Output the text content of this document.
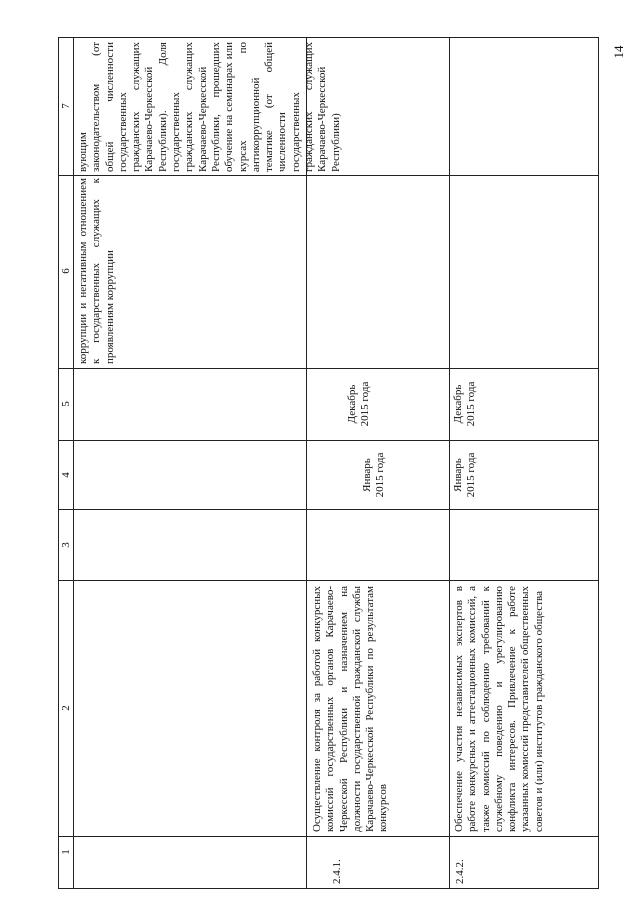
14
1
2
3
4
5
6
7
коррупции и негативным отношением к государственных служащих к проявлениям коррупции
вующим законодательством (от общей численности государственных гражданских служащих Карачаево-Черкесской Республики). Доля государственных гражданских служащих Карачаево-Черкесской Республики, прошедших обучение на семинарах или курсах по антикоррупционной тематике (от общей численности государственных гражданских служащих Карачаево-Черкесской Республики)
2.4.1.
Осуществление контроля за работой конкурсных комиссий государственных органов Карачаево-Черкесской Республики и назначением на должности государственной гражданской службы Карачаево-Черкесской Республики по результатам конкурсов
Январь 2015 года
Декабрь 2015 года
2.4.2.
Обеспечение участия независимых экспертов в работе конкурсных и аттестационных комиссий, а также комиссий по соблюдению требований к служебному поведению и урегулированию конфликта интересов. Привлечение к работе указанных комиссий представителей общественных советов и (или) институтов гражданского общества
Январь 2015 года
Декабрь 2015 года
